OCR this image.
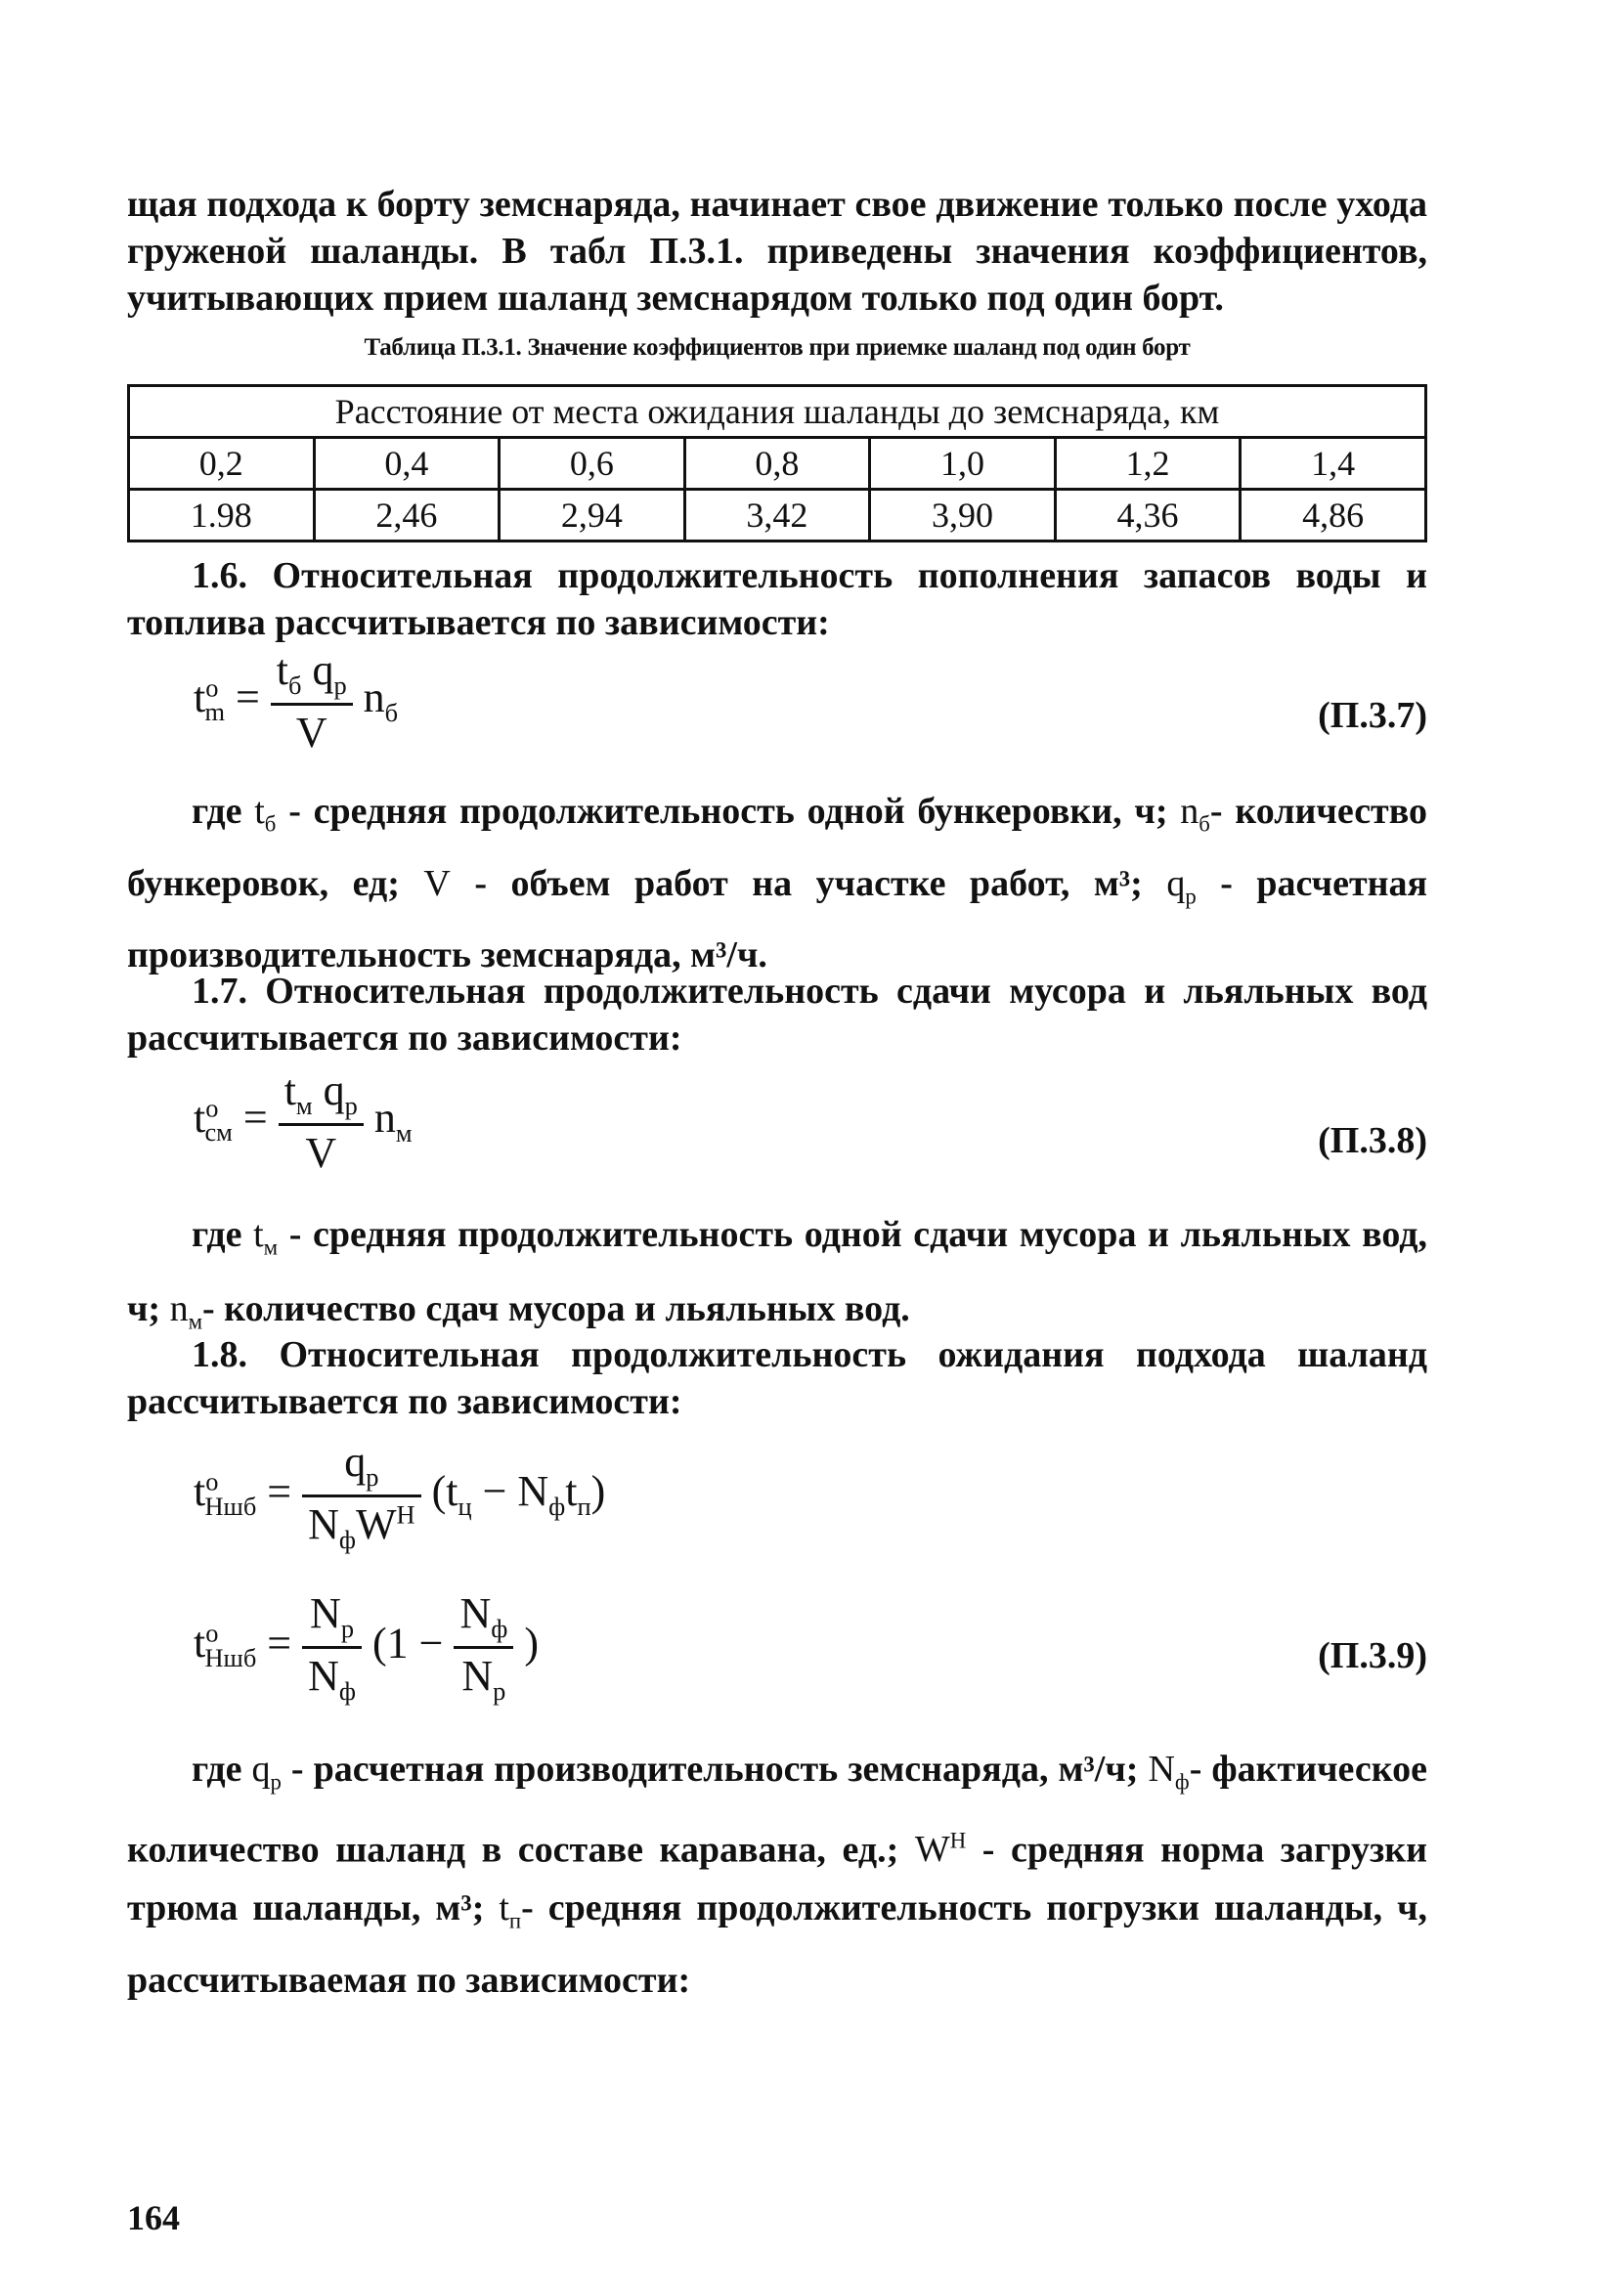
щая подхода к борту земснаряда, начинает свое движение только после ухода груженой шаланды. В табл П.3.1. приведены значения коэффициентов, учитывающих прием шаланд земснарядом только под один борт.

Таблица П.3.1. Значение коэффициентов при приемке шаланд под один борт
Расстояние от места ожидания шаланды до земснаряда, км						
0,2	0,4	0,6	0,8	1,0	1,2	1,4
1.98	2,46	2,94	3,42	3,90	4,36	4,86

1.6. Относительная продолжительность пополнения запасов воды и топлива рассчитывается по зависимости:

$t^o_m = \frac{t_б q_р}{V} n_б$	(П.3.7)

где $t_б$ - средняя продолжительность одной бункеровки, ч; $n_б-$ количество бункеровок, ед; V - объем работ на участке работ, м³; $q_р$ - расчетная производительность земснаряда, м³/ч.

1.7. Относительная продолжительность сдачи мусора и льяльных вод рассчитывается по зависимости:

$t^o_{см} = \frac{t_м q_р}{V} n_м$	(П.3.8)

где $t_м$ - средняя продолжительность одной сдачи мусора и льяльных вод, ч; $n_м-$ количество сдач мусора и льяльных вод.

1.8. Относительная продолжительность ожидания подхода шаланд рассчитывается по зависимости:

$t^o_{Hшб} = \frac{q_р}{N_фW^H} (t_ц - N_фt_п)$
$t^o_{Hшб} = \frac{N_р}{N_ф} (1 - \frac{N_ф}{N_р}$ )	(П.3.9)

где $q_р$ - расчетная производительность земснаряда, м³/ч; $N_ф-$ фактическое количество шаланд в составе каравана, ед.; $W^H$ - средняя норма загрузки трюма шаланды, м³; $t_п-$ средняя продолжительность погрузки шаланды, ч, рассчитываемая по зависимости:

164
